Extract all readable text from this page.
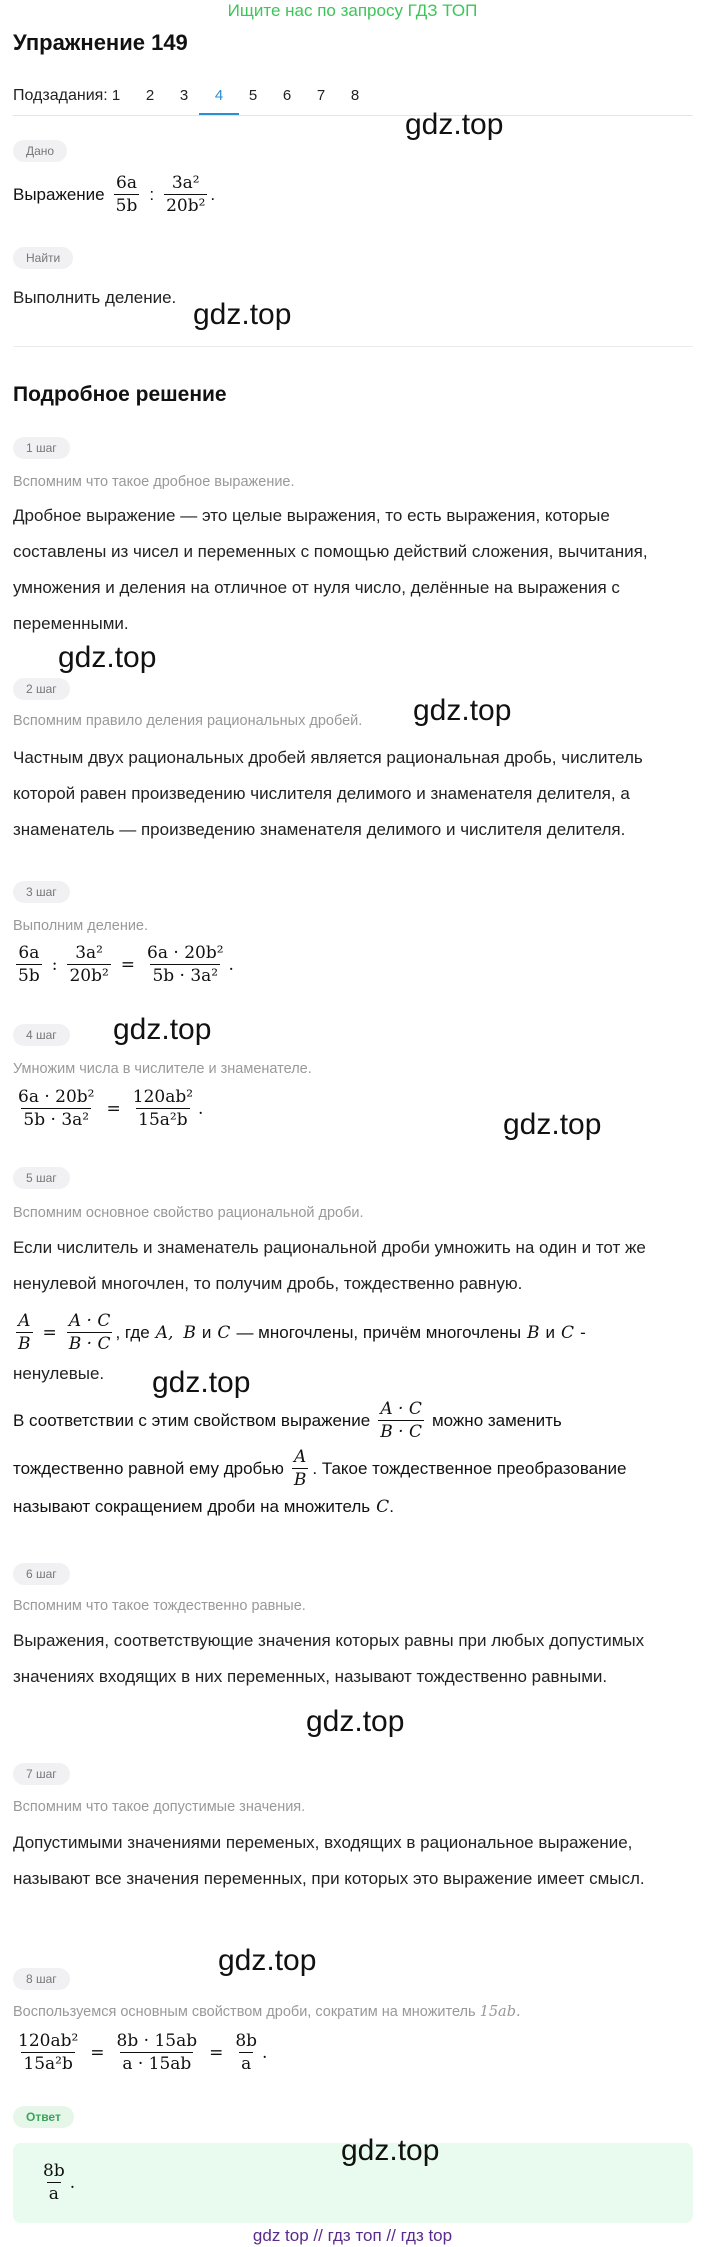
Ищите нас по запросу ГДЗ ТОП
Упражнение 149
Подзадания: 1	2	3	4	5	6	7	8
gdz.top
Дано
Выражение $\frac{6a}{5b}$ : $\frac{\text{3a²}}{\text{20b²}}$ .
Найти
Выполнить деление.
gdz.top
Подробное решение
1 шаг
Вспомним что такое дробное выражение.
Дробное выражение — это целые выражения, то есть выражения, которые составлены из чисел и переменных с помощью действий сложения, вычитания, умножения и деления на отличное от нуля число, делённые на выражения с переменными.
gdz.top
2 шаг
Вспомним правило деления рациональных дробей.	gdz.top
Частным двух рациональных дробей является рациональная дробь, числитель которой равен произведению числителя делимого и знаменателя делителя, а знаменатель — произведению знаменателя делимого и числителя делителя.
3 шаг
Выполним деление.
$\frac{6a}{5b}$ : $\frac{\text{3a²}}{\text{20b²}} = \frac{\text{6a · 20b²}}{\text{5b · 3a²}}$ .
4 шаг	gdz.top
Умножим числа в числителе и знаменателе.
$\frac{\text{6a · 20b²}}{\text{5b · 3a²}} = \frac{\text{120ab²}}{\text{15a²b}}$ .	gdz.top
5 шаг
Вспомним основное свойство рациональной дроби.
Если числитель и знаменатель рациональной дроби умножить на один и тот же ненулевой многочлен, то получим дробь, тождественно равную.
$\frac{A}{B} = \frac{A \cdot C}{B \cdot C}$ , где A, B и C — многочлены, причём многочлены B и C -
ненулевые.	gdz.top
В соответствии с этим свойством выражение $\frac{A \cdot C}{B \cdot C}$ можно заменить
тождественно равной ему дробью $\frac{A}{B}$ . Такое тождественное преобразование
называют сокращением дроби на множитель C .
6 шаг
Вспомним что такое тождественно равные.
Выражения, соответствующие значения которых равны при любых допустимых значениях входящих в них переменных, называют тождественно равными.
gdz.top
7 шаг
Вспомним что такое допустимые значения.
Допустимыми значениями переменых, входящих в рациональное выражение, называют все значения переменных, при которых это выражение имеет смысл.
gdz.top
8 шаг
Воспользуемся основным свойством дроби, сократим на множитель 15ab.
$\frac{\text{120ab²}}{\text{15a²b}} = \frac{8b \cdot 15ab}{a \cdot 15ab} = \frac{8b}{a}$ .
Ответ
gdz.top
$\frac{8b}{a}$ .
gdz top // гдз топ // гдз top
